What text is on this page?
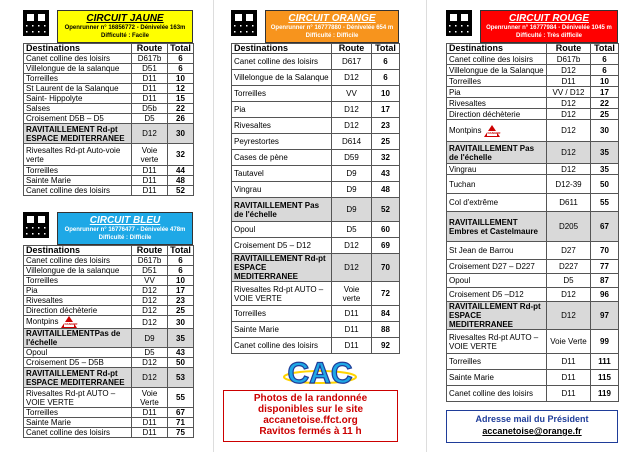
CIRCUIT JAUNE
Openrunner n° 16856772 - Dénivelée 163m
Difficulté : Facile
Destinations	Route	Total
Canet colline des loisirs	D617b	6
Villelongue de la salanque	D51	6
Torreilles	D11	10
St Laurent de la Salanque	D11	12
Saint- Hippolyte	D11	15
Salses	D5b	22
Croisement D5B – D5	D5	26
RAVITAILLEMENT Rd-pt ESPACE MEDITERRANEE	D12	30
Rivesaltes Rd-pt Auto-voie verte	Voie verte	32
Torreilles	D11	44
Sainte Marie	D11	48
Canet colline des loisirs	D11	52
CIRCUIT BLEU
Openrunner n° 16776477 - Dénivelée 478m
Difficulté : Difficile
Destinations	Route	Total
Canet colline des loisirs	D617b	6
Villelongue de la salanque	D51	6
Torreilles	VV	10
Pia	D12	17
Rivesaltes	D12	23
Direction déchèterie	D12	25
Montpins DANGER	D12	30
RAVITAILLEMENTPas de l'échelle	D9	35
Opoul	D5	43
Croisement D5 – D5B	D12	50
RAVITAILLEMENT Rd-pt ESPACE MEDITERRANEE	D12	53
Rivesaltes Rd-pt AUTO – VOIE VERTE	Voie Verte	55
Torreilles	D11	67
Sainte Marie	D11	71
Canet colline des loisirs	D11	75
CIRCUIT ORANGE
Openrunner n° 16777880 - Dénivelée 654 m
Difficulté : Difficile
Destinations	Route	Total
Canet colline des loisirs	D617	6
Villelongue de la Salanque	D12	6
Torreilles	VV	10
Pia	D12	17
Rivesaltes	D12	23
Peyrestortes	D614	25
Cases de pène	D59	32
Tautavel	D9	43
Vingrau	D9	48
RAVITAILLEMENT Pas de l'échelle	D9	52
Opoul	D5	60
Croisement D5 – D12	D12	69
RAVITAILLEMENT Rd-pt ESPACE MEDITERRANEE	D12	70
Rivesaltes Rd-pt AUTO – VOIE VERTE	Voie verte	72
Torreilles	D11	84
Sainte Marie	D11	88
Canet colline des loisirs	D11	92
CAC
Photos de la randonnée
disponibles sur le site
accanetoise.ffct.org
Ravitos fermés à 11 h
CIRCUIT ROUGE
Openrunner n° 16777984 - Dénivelée 1045 m
Difficulté : Très difficile
Destinations	Route	Total
Canet colline des loisirs	D617b	6
Villelongue de la Salanque	D12	6
Torreilles	D11	10
Pia	VV / D12	17
Rivesaltes	D12	22
Direction déchèterie	D12	25
Montpins DANGER	D12	30
RAVITAILLEMENT Pas de l'échelle	D12	35
Vingrau	D12	35
Tuchan	D12-39	50
Col d'extrême	D611	55
RAVITAILLEMENT Embres et Castelmaure	D205	67
St Jean de Barrou	D27	70
Croisement D27 – D227	D227	77
Opoul	D5	87
Croisement D5 –D12	D12	96
RAVITAILLEMENT Rd-pt ESPACE MEDITERRANEE	D12	97
Rivesaltes Rd-pt AUTO – VOIE VERTE	Voie Verte	99
Torreilles	D11	111
Sainte Marie	D11	115
Canet colline des loisirs	D11	119
Adresse mail du Président
accanetoise@orange.fr
